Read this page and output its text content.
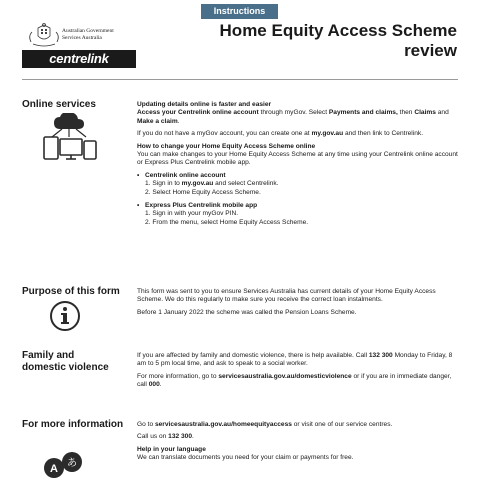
Instructions
Australian Government
Services Australia
centrelink
Home Equity Access Scheme
review
Online services	Updating details online is faster and easier

Access your Centrelink online account through myGov. Select Payments and claims, then Claims and Make a claim.

If you do not have a myGov account, you can create one at my.gov.au and then link to Centrelink.

How to change your Home Equity Access Scheme online

You can make changes to your Home Equity Access Scheme at any time using your Centrelink online account or Express Plus Centrelink mobile app.

• Centrelink online account
1. Sign in to my.gov.au and select Centrelink.
2. Select Home Equity Access Scheme.
• Express Plus Centrelink mobile app
1. Sign in with your myGov PIN.
2. From the menu, select Home Equity Access Scheme.
Purpose of this form	This form was sent to you to ensure Services Australia has current details of your Home Equity Access Scheme. We do this regularly to make sure you receive the correct loan instalments.

Before 1 January 2022 the scheme was called the Pension Loans Scheme.

Family and
domestic violence

If you are affected by family and domestic violence, there is help available. Call 132 300 Monday to Friday, 8 am to 5 pm local time, and ask to speak to a social worker.

For more information, go to servicesaustralia.gov.au/domesticviolence or if you are in immediate danger, call 000.

For more information
A あ

Go to servicesaustralia.gov.au/homeequityaccess or visit one of our service centres.

Call us on 132 300.

Help in your language

We can translate documents you need for your claim or payments for free.
